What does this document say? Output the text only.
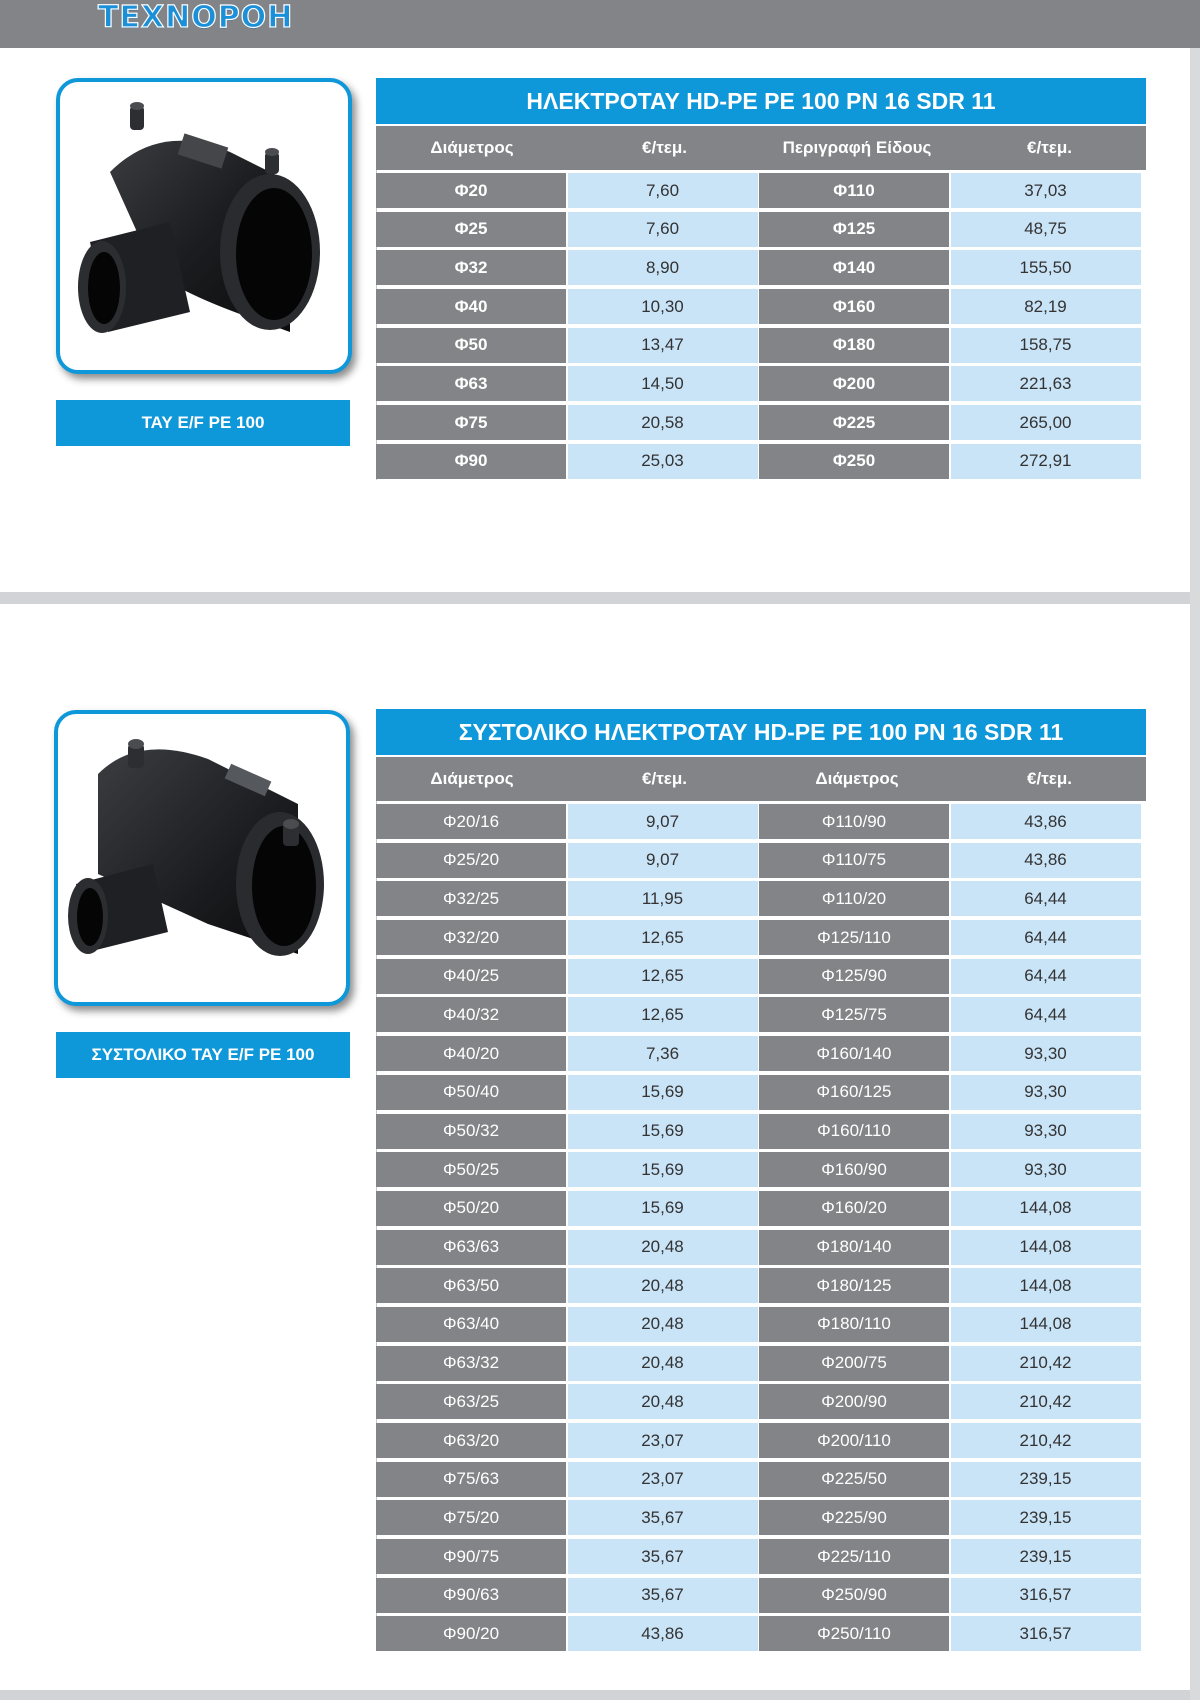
ΤΕΧΝΟΡΟΗ
ΤΑΥ E/F PE 100
ΗΛΕΚΤΡΟΤΑΥ HD-PE PE 100 PN 16 SDR 11
Διάμετρος	€/τεμ.	Περιγραφή Είδους	€/τεμ.
Φ20	7,60	Φ110	37,03
Φ25	7,60	Φ125	48,75
Φ32	8,90	Φ140	155,50
Φ40	10,30	Φ160	82,19
Φ50	13,47	Φ180	158,75
Φ63	14,50	Φ200	221,63
Φ75	20,58	Φ225	265,00
Φ90	25,03	Φ250	272,91
ΣΥΣΤΟΛΙΚΟ ΤΑΥ E/F PE 100
ΣΥΣΤΟΛΙΚΟ ΗΛΕΚΤΡΟΤΑΥ HD-PE PE 100 PN 16 SDR 11
Διάμετρος	€/τεμ.	Διάμετρος	€/τεμ.
Φ20/16	9,07	Φ110/90	43,86
Φ25/20	9,07	Φ110/75	43,86
Φ32/25	11,95	Φ110/20	64,44
Φ32/20	12,65	Φ125/110	64,44
Φ40/25	12,65	Φ125/90	64,44
Φ40/32	12,65	Φ125/75	64,44
Φ40/20	7,36	Φ160/140	93,30
Φ50/40	15,69	Φ160/125	93,30
Φ50/32	15,69	Φ160/110	93,30
Φ50/25	15,69	Φ160/90	93,30
Φ50/20	15,69	Φ160/20	144,08
Φ63/63	20,48	Φ180/140	144,08
Φ63/50	20,48	Φ180/125	144,08
Φ63/40	20,48	Φ180/110	144,08
Φ63/32	20,48	Φ200/75	210,42
Φ63/25	20,48	Φ200/90	210,42
Φ63/20	23,07	Φ200/110	210,42
Φ75/63	23,07	Φ225/50	239,15
Φ75/20	35,67	Φ225/90	239,15
Φ90/75	35,67	Φ225/110	239,15
Φ90/63	35,67	Φ250/90	316,57
Φ90/20	43,86	Φ250/110	316,57
